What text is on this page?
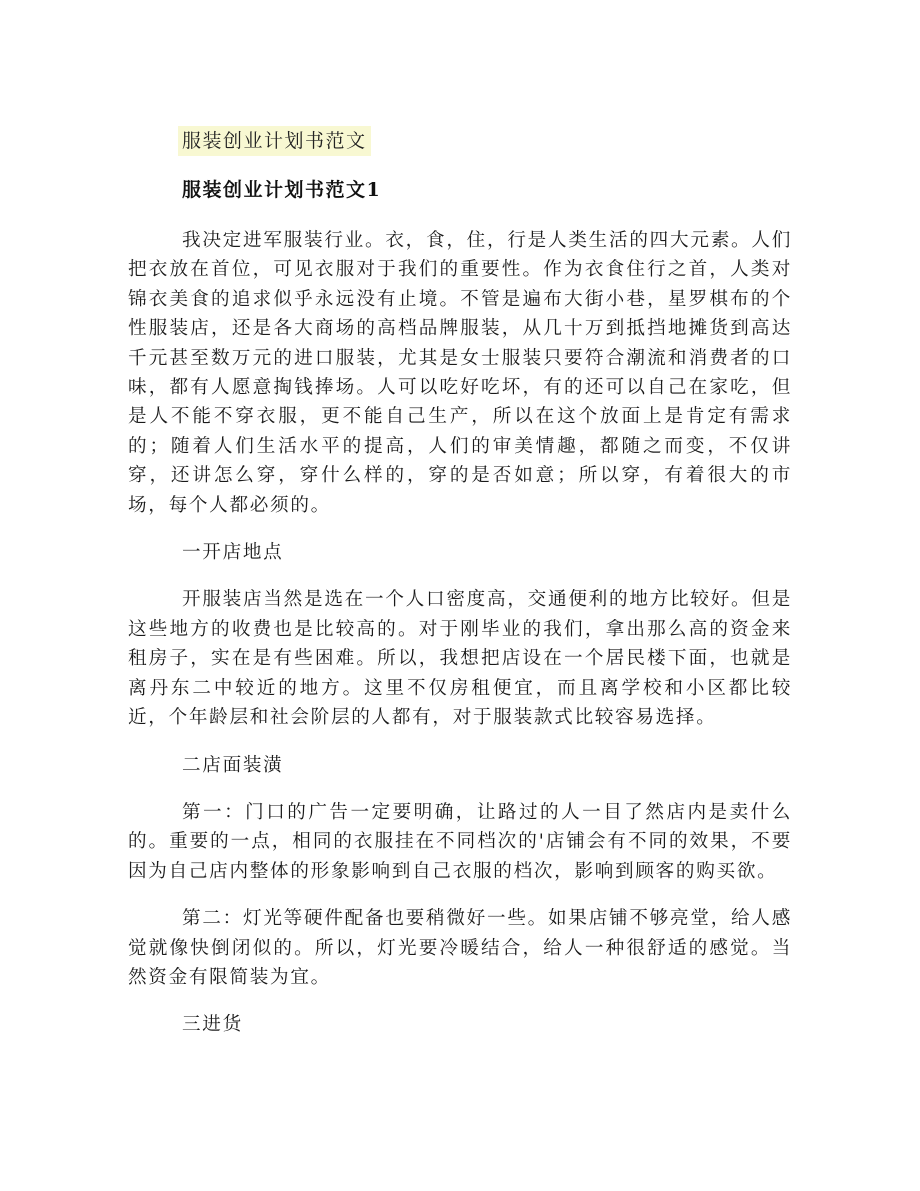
服装创业计划书范文
服装创业计划书范文1

我决定进军服装行业。衣，食，住，行是人类生活的四大元素。人们把衣放在首位，可见衣服对于我们的重要性。作为衣食住行之首，人类对锦衣美食的追求似乎永远没有止境。不管是遍布大街小巷，星罗棋布的个性服装店，还是各大商场的高档品牌服装，从几十万到抵挡地摊货到高达千元甚至数万元的进口服装，尤其是女士服装只要符合潮流和消费者的口味，都有人愿意掏钱捧场。人可以吃好吃坏，有的还可以自己在家吃，但是人不能不穿衣服，更不能自己生产，所以在这个放面上是肯定有需求的；随着人们生活水平的提高，人们的审美情趣，都随之而变，不仅讲穿，还讲怎么穿，穿什么样的，穿的是否如意；所以穿，有着很大的市场，每个人都必须的。

一开店地点

开服装店当然是选在一个人口密度高，交通便利的地方比较好。但是这些地方的收费也是比较高的。对于刚毕业的我们，拿出那么高的资金来租房子，实在是有些困难。所以，我想把店设在一个居民楼下面，也就是离丹东二中较近的地方。这里不仅房租便宜，而且离学校和小区都比较近，个年龄层和社会阶层的人都有，对于服装款式比较容易选择。

二店面装潢

第一：门口的广告一定要明确，让路过的人一目了然店内是卖什么的。重要的一点，相同的衣服挂在不同档次的'店铺会有不同的效果，不要因为自己店内整体的形象影响到自己衣服的档次，影响到顾客的购买欲。

第二：灯光等硬件配备也要稍微好一些。如果店铺不够亮堂，给人感觉就像快倒闭似的。所以，灯光要冷暖结合，给人一种很舒适的感觉。当然资金有限简装为宜。

三进货
